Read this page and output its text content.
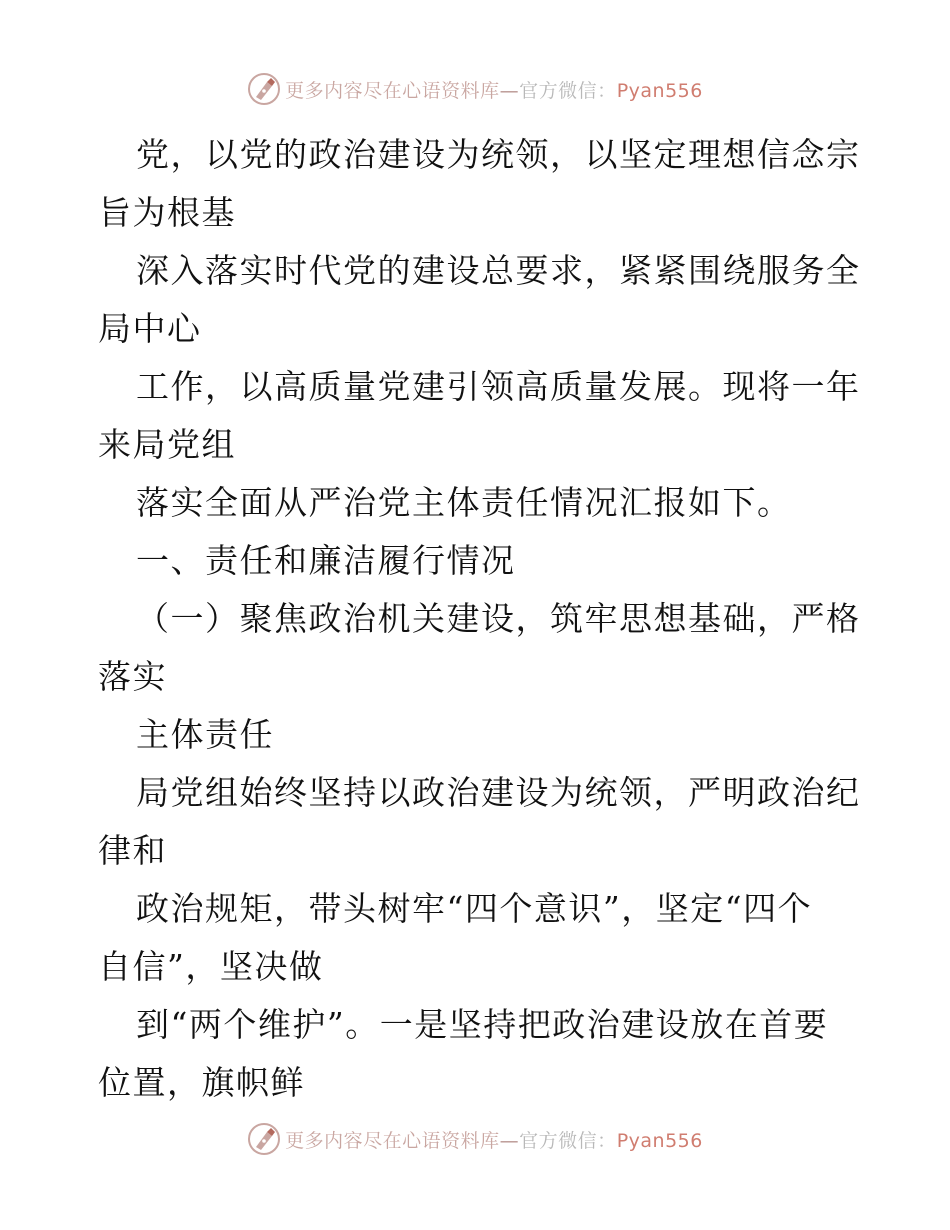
更多内容尽在心语资料库—官方微信：Pyan556
党，以党的政治建设为统领，以坚定理想信念宗
旨为根基
深入落实时代党的建设总要求，紧紧围绕服务全
局中心
工作，以高质量党建引领高质量发展。现将一年
来局党组
落实全面从严治党主体责任情况汇报如下。
一、责任和廉洁履行情况
（一）聚焦政治机关建设，筑牢思想基础，严格
落实
主体责任
局党组始终坚持以政治建设为统领，严明政治纪
律和
政治规矩，带头树牢“四个意识”，坚定“四个
自信”，坚决做
到“两个维护”。一是坚持把政治建设放在首要
位置，旗帜鲜
更多内容尽在心语资料库—官方微信：Pyan556
